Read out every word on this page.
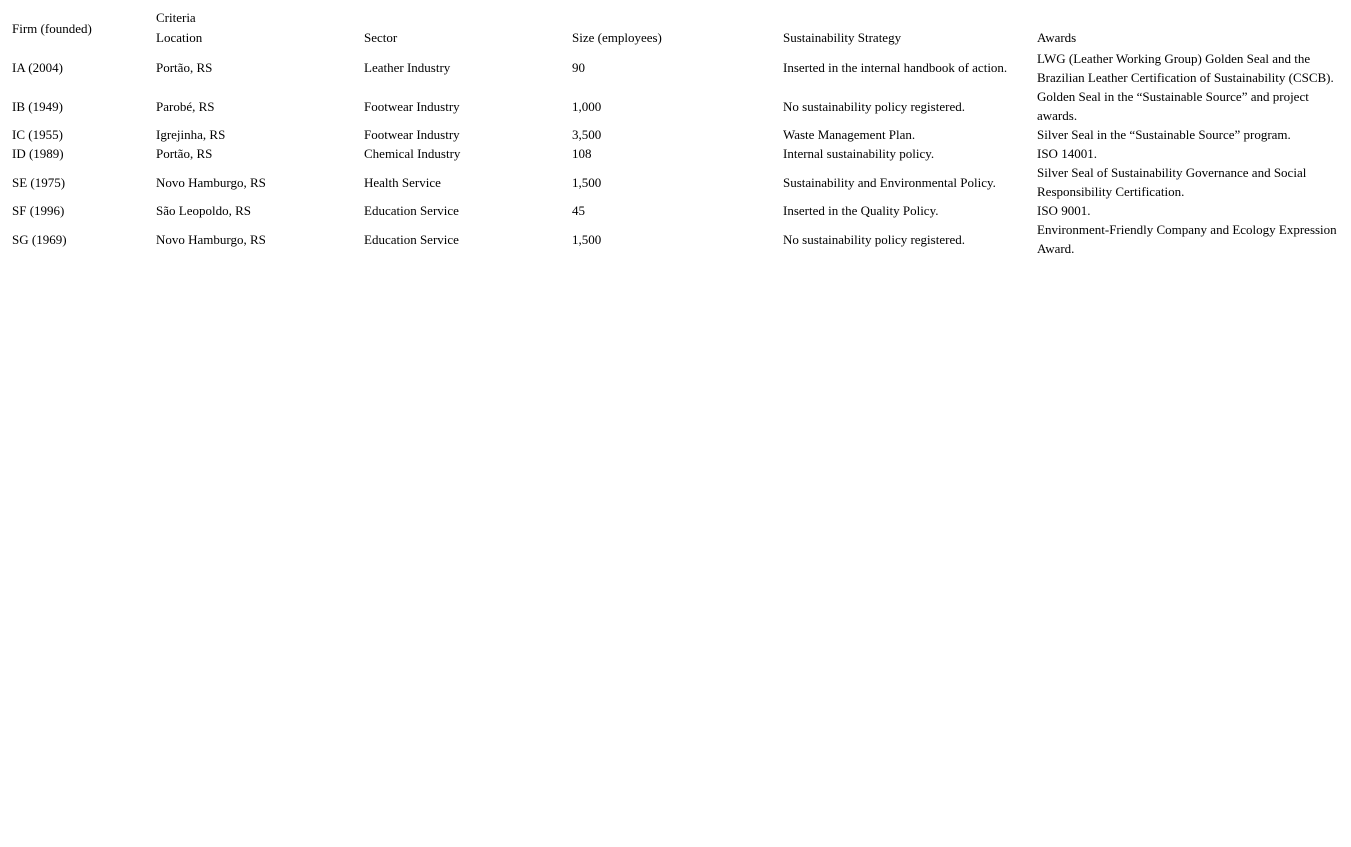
Firm (founded)	Criteria				
	Location	Sector	Size (employees)	Sustainability Strategy	Awards
IA (2004)	Portão, RS	Leather Industry	90	Inserted in the internal handbook of action.	LWG (Leather Working Group) Golden Seal and the Brazilian Leather Certification of Sustainability (CSCB).
IB (1949)	Parobé, RS	Footwear Industry	1,000	No sustainability policy registered.	Golden Seal in the “Sustainable Source” and project awards.
IC (1955)	Igrejinha, RS	Footwear Industry	3,500	Waste Management Plan.	Silver Seal in the “Sustainable Source” program.
ID (1989)	Portão, RS	Chemical Industry	108	Internal sustainability policy.	ISO 14001.
SE (1975)	Novo Hamburgo, RS	Health Service	1,500	Sustainability and Environmental Policy.	Silver Seal of Sustainability Governance and Social Responsibility Certification.
SF (1996)	São Leopoldo, RS	Education Service	45	Inserted in the Quality Policy.	ISO 9001.
SG (1969)	Novo Hamburgo, RS	Education Service	1,500	No sustainability policy registered.	Environment-Friendly Company and Ecology Expression Award.
